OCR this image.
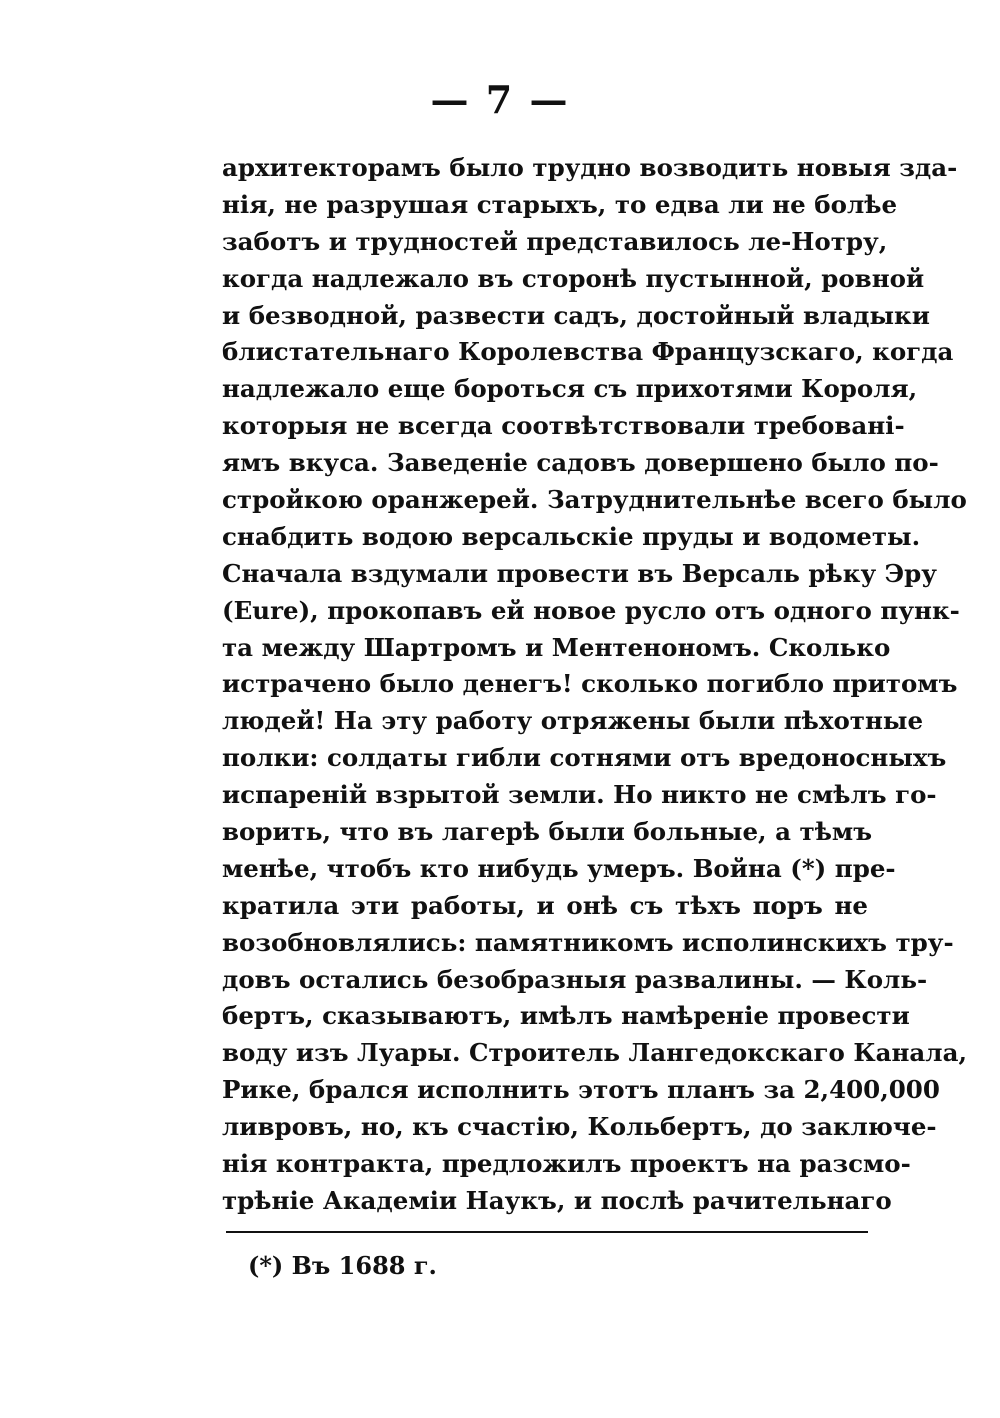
— 7 —
архитекторамъ было трудно возводить новыя зда-
нія, не разрушая старыхъ, то едва ли не болѣе
заботъ и трудностей представилось ле-Нотру,
когда надлежало въ сторонѣ пустынной, ровной
и безводной, развести садъ, достойный владыки
блистательнаго Королевства Французскаго, когда
надлежало еще бороться съ прихотями Короля,
которыя не всегда соотвѣтствовали требовані-
ямъ вкуса. Заведеніе садовъ довершено было по-
стройкою оранжерей. Затруднительнѣе всего было
снабдить водою версальскіе пруды и водометы.
Сначала вздумали провести въ Версаль рѣку Эру
(Eure), прокопавъ ей новое русло отъ одного пунк-
та между Шартромъ и Ментенономъ. Сколько
истрачено было денегъ! сколько погибло притомъ
людей! На эту работу отряжены были пѣхотные
полки: солдаты гибли сотнями отъ вредоносныхъ
испареній взрытой земли. Но никто не смѣлъ го-
ворить, что въ лагерѣ были больные, а тѣмъ
менѣе, чтобъ кто нибудь умеръ. Война (*) пре-
кратила эти работы, и онѣ съ тѣхъ поръ не
возобновлялись: памятникомъ исполинскихъ тру-
довъ остались безобразныя развалины. — Коль-
бертъ, сказываютъ, имѣлъ намѣреніе провести
воду изъ Луары. Строитель Лангедокскаго Канала,
Рике, брался исполнить этотъ планъ за 2,400,000
ливровъ, но, къ счастію, Кольбертъ, до заключе-
нія контракта, предложилъ проектъ на разсмо-
трѣніе Академіи Наукъ, и послѣ рачительнаго
(*) Въ 1688 г.
